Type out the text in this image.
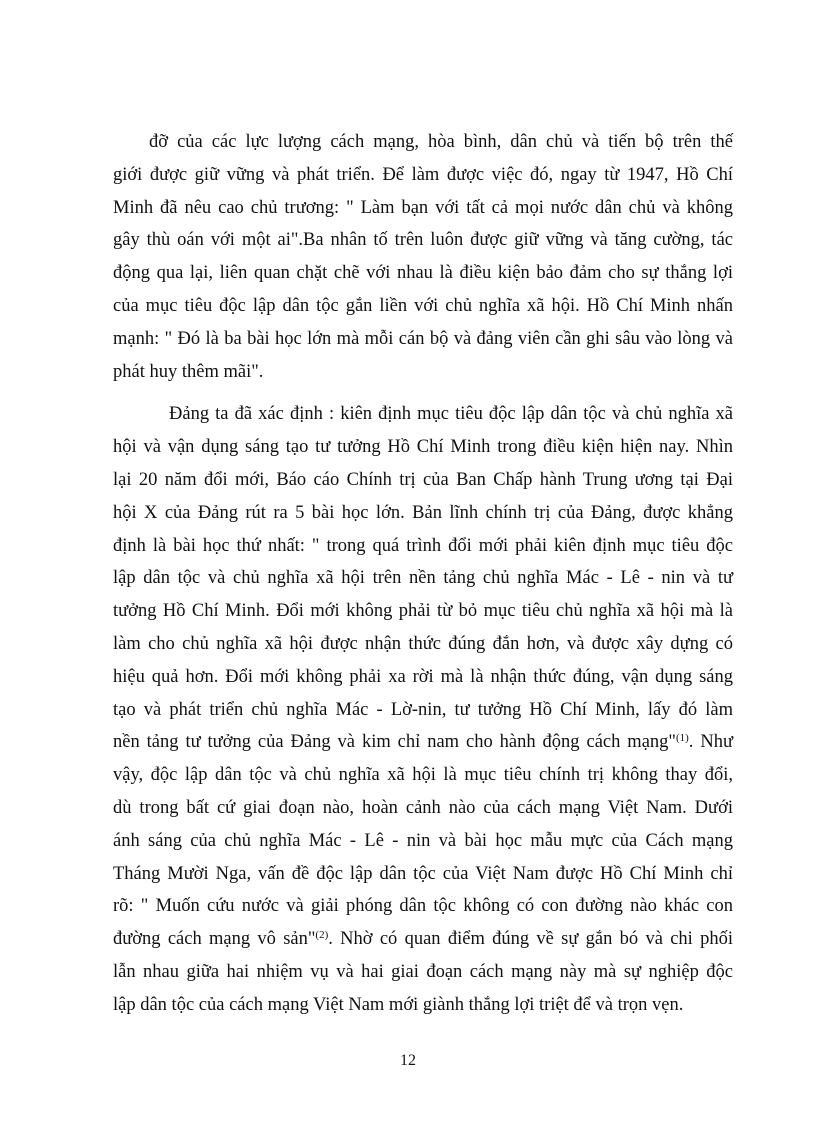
đỡ của các lực lượng cách mạng, hòa bình, dân chủ và tiến bộ trên thế
giới được giữ vững và phát triển. Để làm được việc đó, ngay từ 1947, Hồ Chí
Minh đã nêu cao chủ trương: " Làm bạn với tất cả mọi nước dân chủ và không
gây thù oán với một ai".Ba nhân tố trên luôn được giữ vững và tăng cường, tác
động qua lại, liên quan chặt chẽ với nhau là điều kiện bảo đảm cho sự thắng lợi
của mục tiêu độc lập dân tộc gắn liền với chủ nghĩa xã hội. Hồ Chí Minh nhấn
mạnh: " Đó là ba bài học lớn mà mỗi cán bộ và đảng viên cần ghi sâu vào lòng và
phát huy thêm mãi".
Đảng ta đã xác định : kiên định mục tiêu độc lập dân tộc và chủ nghĩa xã
hội và vận dụng sáng tạo tư tưởng Hồ Chí Minh trong điều kiện hiện nay. Nhìn
lại 20 năm đổi mới, Báo cáo Chính trị của Ban Chấp hành Trung ương tại Đại
hội X của Đảng rút ra 5 bài học lớn. Bản lĩnh chính trị của Đảng, được khẳng
định là bài học thứ nhất: " trong quá trình đổi mới phải kiên định mục tiêu độc
lập dân tộc và chủ nghĩa xã hội trên nền tảng chủ nghĩa Mác - Lê - nin và tư
tưởng Hồ Chí Minh. Đổi mới không phải từ bỏ mục tiêu chủ nghĩa xã hội mà là
làm cho chủ nghĩa xã hội được nhận thức đúng đắn hơn, và được xây dựng có
hiệu quả hơn. Đổi mới không phải xa rời mà là nhận thức đúng, vận dụng sáng
tạo và phát triển chủ nghĩa Mác - Lờ-nin, tư tưởng Hồ Chí Minh, lấy đó làm
nền tảng tư tưởng của Đảng và kim chỉ nam cho hành động cách mạng"$^{(1)}$. Như
vậy, độc lập dân tộc và chủ nghĩa xã hội là mục tiêu chính trị không thay đổi,
dù trong bất cứ giai đoạn nào, hoàn cảnh nào của cách mạng Việt Nam. Dưới
ánh sáng của chủ nghĩa Mác - Lê - nin và bài học mẫu mực của Cách mạng
Tháng Mười Nga, vấn đề độc lập dân tộc của Việt Nam được Hồ Chí Minh chỉ
rõ: " Muốn cứu nước và giải phóng dân tộc không có con đường nào khác con
đường cách mạng vô sản"$^{(2)}$. Nhờ có quan điểm đúng về sự gắn bó và chi phối
lẫn nhau giữa hai nhiệm vụ và hai giai đoạn cách mạng này mà sự nghiệp độc
lập dân tộc của cách mạng Việt Nam mới giành thắng lợi triệt để và trọn vẹn.
12
